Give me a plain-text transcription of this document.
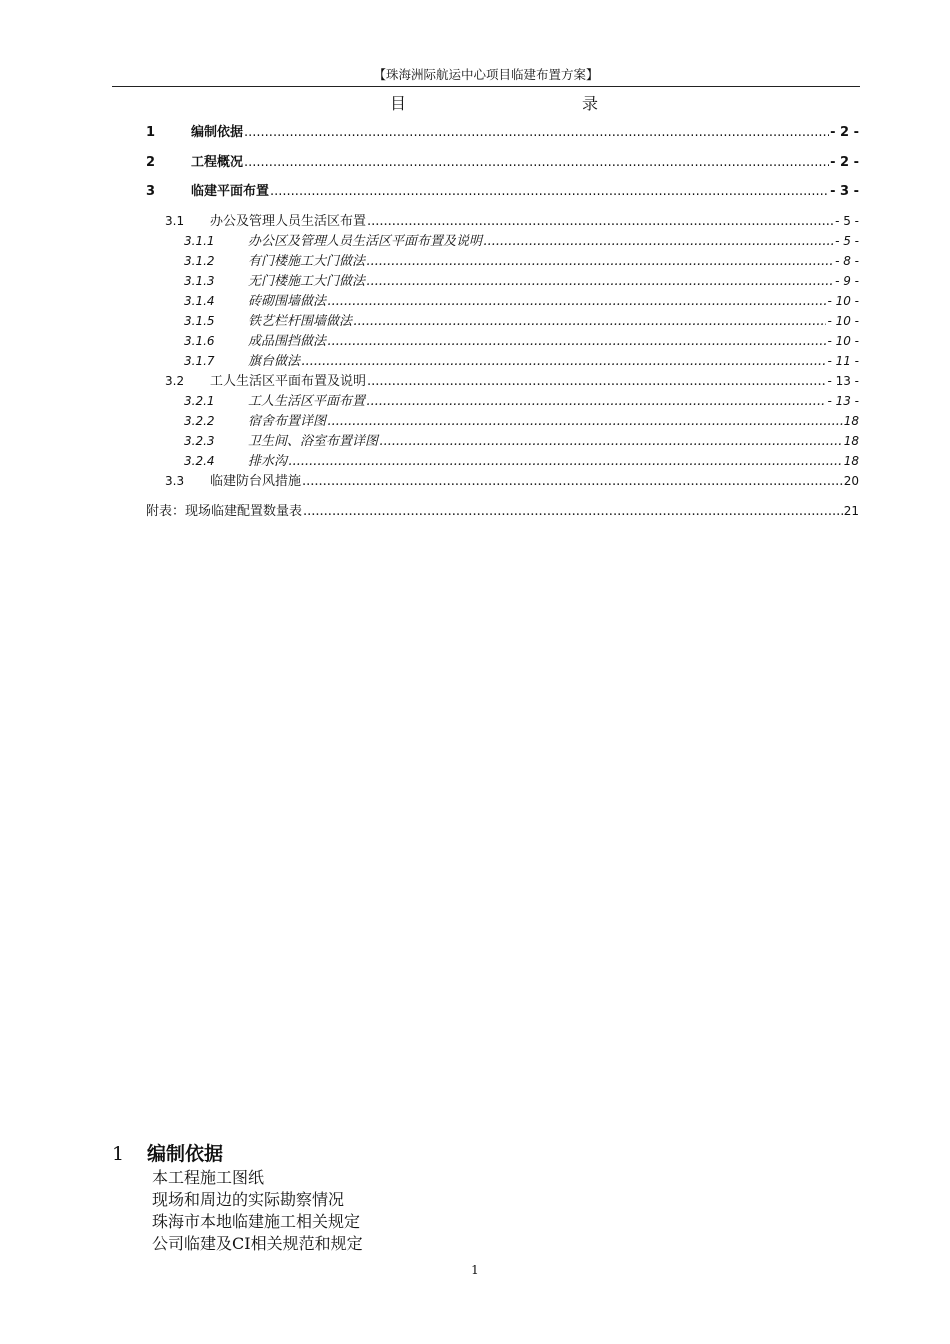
【珠海洲际航运中心项目临建布置方案】
目	录
1	编制依据 .....	- 2 -
2	工程概况 .....	- 2 -
3	临建平面布置 .....	- 3 -
3.1	办公及管理人员生活区布置 .....	- 5 -
3.1.1	办公区及管理人员生活区平面布置及说明 .....	- 5 -
3.1.2	有门楼施工大门做法 .....	- 8 -
3.1.3	无门楼施工大门做法 .....	- 9 -
3.1.4	砖砌围墙做法 .....	- 10 -
3.1.5	铁艺栏杆围墙做法 .....	- 10 -
3.1.6	成品围挡做法 .....	- 10 -
3.1.7	旗台做法 .....	- 11 -
3.2	工人生活区平面布置及说明 .....	- 13 -
3.2.1	工人生活区平面布置 .....	- 13 -
3.2.2	宿舍布置详图 .....	18
3.2.3	卫生间、浴室布置详图 .....	18
3.2.4	排水沟 .....	18
3.3	临建防台风措施 .....	20
附表：现场临建配置数量表 .....	21
1 编制依据
本工程施工图纸
现场和周边的实际勘察情况
珠海市本地临建施工相关规定
公司临建及CI相关规范和规定
1
